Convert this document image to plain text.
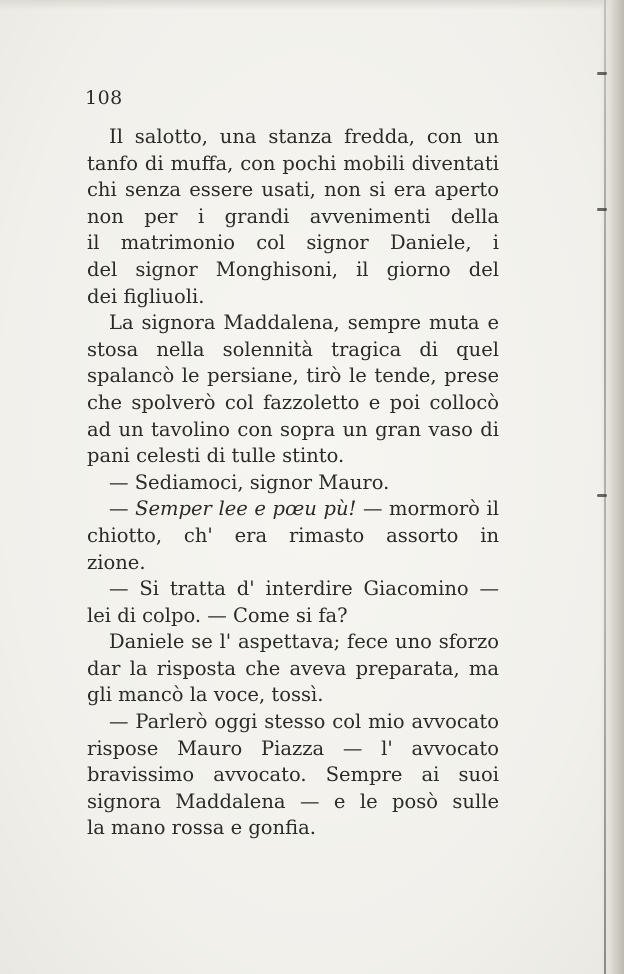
108
Il salotto, una stanza fredda, con un
tanfo di muffa, con pochi mobili diventati
chi senza essere usati, non si era aperto
non per i grandi avvenimenti della
il matrimonio col signor Daniele, i
del signor Monghisoni, il giorno del
dei figliuoli.
La signora Maddalena, sempre muta e
stosa nella solennità tragica di quel
spalancò le persiane, tirò le tende, prese
che spolverò col fazzoletto e poi collocò
ad un tavolino con sopra un gran vaso di
pani celesti di tulle stinto.
— Sediamoci, signor Mauro.
— Semper lee e pœu pù! — mormorò il
chiotto, ch' era rimasto assorto in
zione.
— Si tratta d' interdire Giacomino —
lei di colpo. — Come si fa?
Daniele se l' aspettava; fece uno sforzo
dar la risposta che aveva preparata, ma
gli mancò la voce, tossì.
— Parlerò oggi stesso col mio avvocato
rispose Mauro Piazza — l' avvocato
bravissimo avvocato. Sempre ai suoi
signora Maddalena — e le posò sulle
la mano rossa e gonfia.
